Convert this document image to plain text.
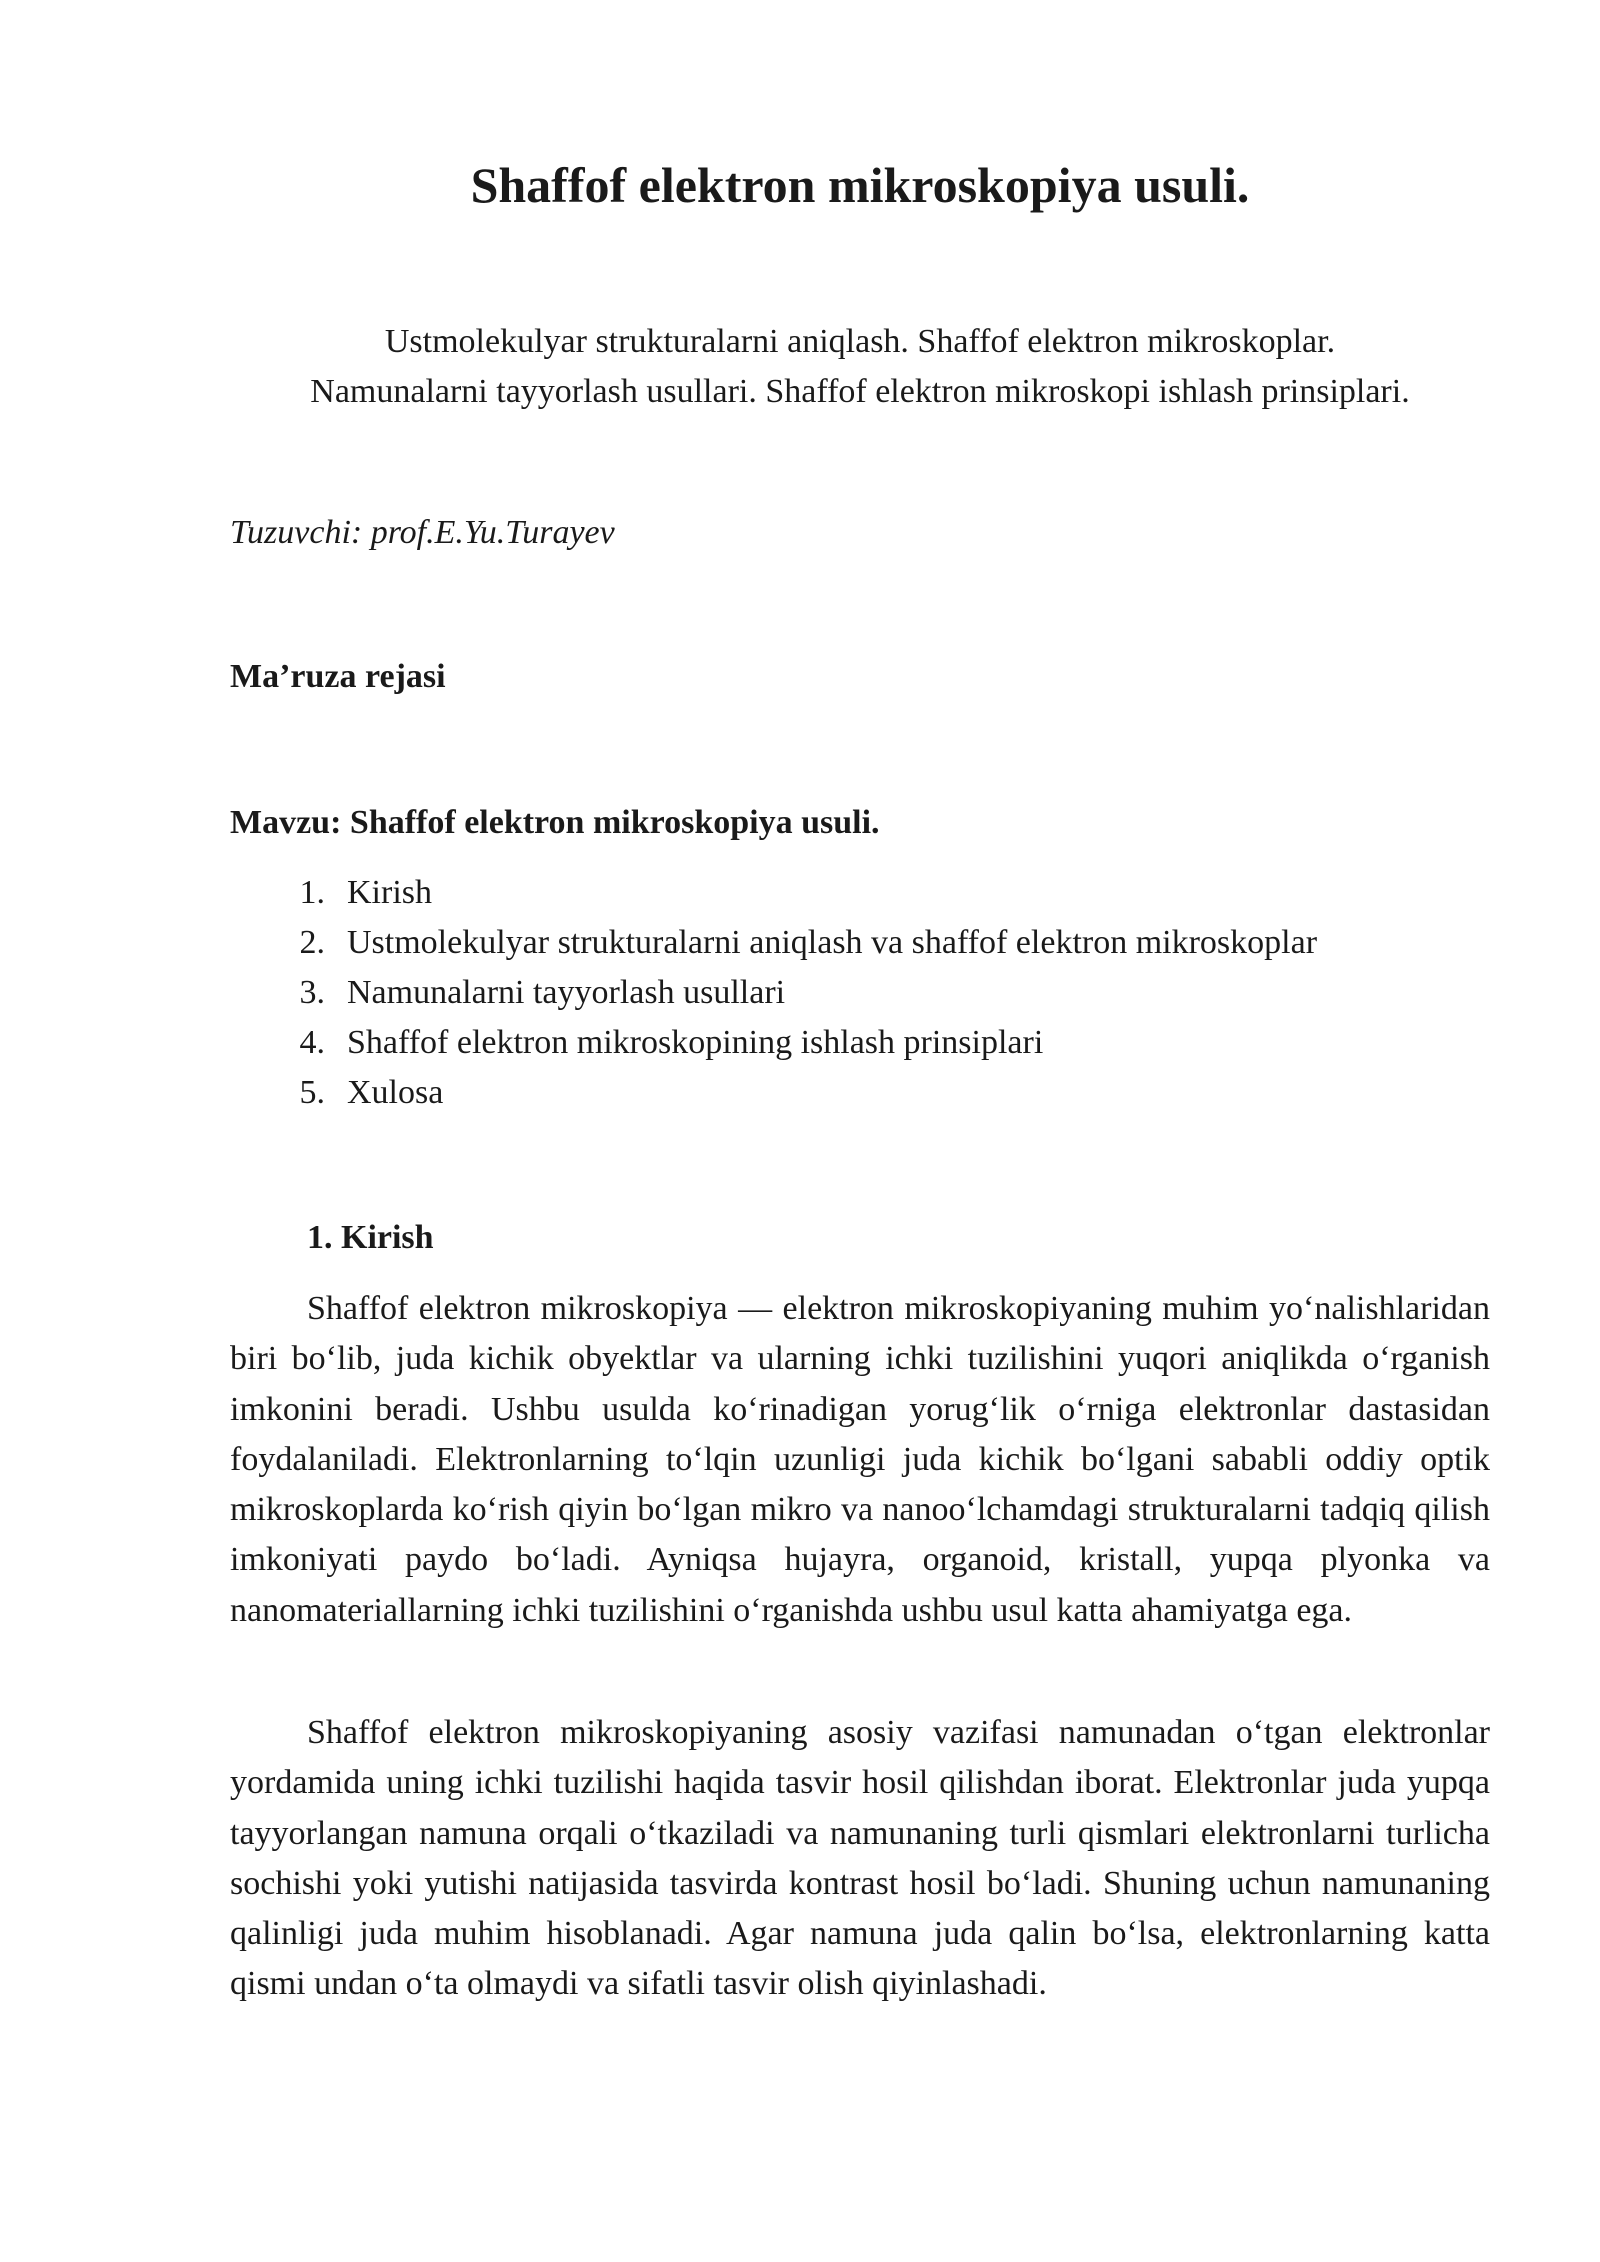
Shaffof elektron mikroskopiya usuli.
Ustmolekulyar strukturalarni aniqlash. Shaffof elektron mikroskoplar.
Namunalarni tayyorlash usullari. Shaffof elektron mikroskopi ishlash prinsiplari.

Tuzuvchi: prof.E.Yu.Turayev

Ma’ruza rejasi

Mavzu: Shaffof elektron mikroskopiya usuli.

1. Kirish
2. Ustmolekulyar strukturalarni aniqlash va shaffof elektron mikroskoplar
3. Namunalarni tayyorlash usullari
4. Shaffof elektron mikroskopining ishlash prinsiplari
5. Xulosa

1. Kirish

Shaffof elektron mikroskopiya — elektron mikroskopiyaning muhim yo‘nalishlaridan biri bo‘lib, juda kichik obyektlar va ularning ichki tuzilishini yuqori aniqlikda o‘rganish imkonini beradi. Ushbu usulda ko‘rinadigan yorug‘lik o‘rniga elektronlar dastasidan foydalaniladi. Elektronlarning to‘lqin uzunligi juda kichik bo‘lgani sababli oddiy optik mikroskoplarda ko‘rish qiyin bo‘lgan mikro va nanoo‘lchamdagi strukturalarni tadqiq qilish imkoniyati paydo bo‘ladi. Ayniqsa hujayra, organoid, kristall, yupqa plyonka va nanomateriallarning ichki tuzilishini o‘rganishda ushbu usul katta ahamiyatga ega.

Shaffof elektron mikroskopiyaning asosiy vazifasi namunadan o‘tgan elektronlar yordamida uning ichki tuzilishi haqida tasvir hosil qilishdan iborat. Elektronlar juda yupqa tayyorlangan namuna orqali o‘tkaziladi va namunaning turli qismlari elektronlarni turlicha sochishi yoki yutishi natijasida tasvirda kontrast hosil bo‘ladi. Shuning uchun namunaning qalinligi juda muhim hisoblanadi. Agar namuna juda qalin bo‘lsa, elektronlarning katta qismi undan o‘ta olmaydi va sifatli tasvir olish qiyinlashadi.
